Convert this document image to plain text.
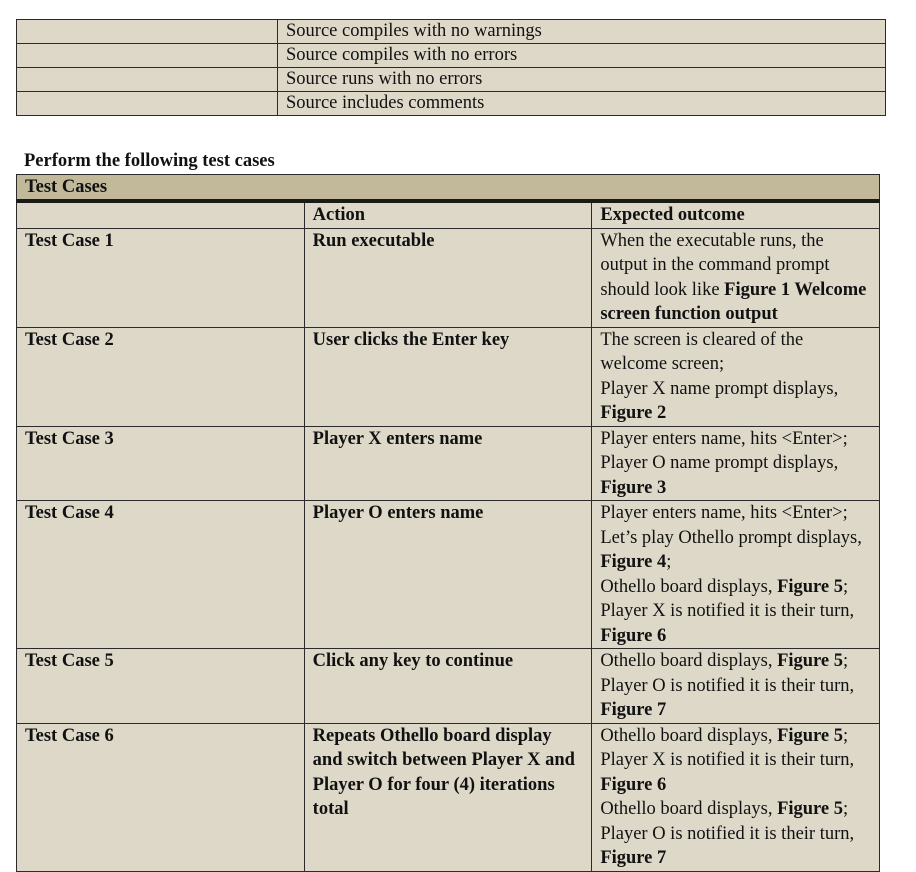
	Source compiles with no warnings
	Source compiles with no errors
	Source runs with no errors
	Source includes comments

Perform the following test cases

Test Cases		
	Action	Expected outcome
Test Case 1	Run executable	When the executable runs, the output in the command prompt should look like Figure 1 Welcome screen function output

Test Case 2	User clicks the Enter key	The screen is cleared of the welcome screen;
Player X name prompt displays, Figure 2

Test Case 3	Player X enters name	Player enters name, hits <Enter>;
Player O name prompt displays, Figure 3

Test Case 4	Player O enters name	Player enters name, hits <Enter>;
Let’s play Othello prompt displays, Figure 4;
Othello board displays, Figure 5;
Player X is notified it is their turn, Figure 6

Test Case 5	Click any key to continue	Othello board displays, Figure 5;
Player O is notified it is their turn, Figure 7

Test Case 6	Repeats Othello board display and switch between Player X and Player O for four (4) iterations total	Othello board displays, Figure 5;
Player X is notified it is their turn, Figure 6
Othello board displays, Figure 5;
Player O is notified it is their turn, Figure 7
